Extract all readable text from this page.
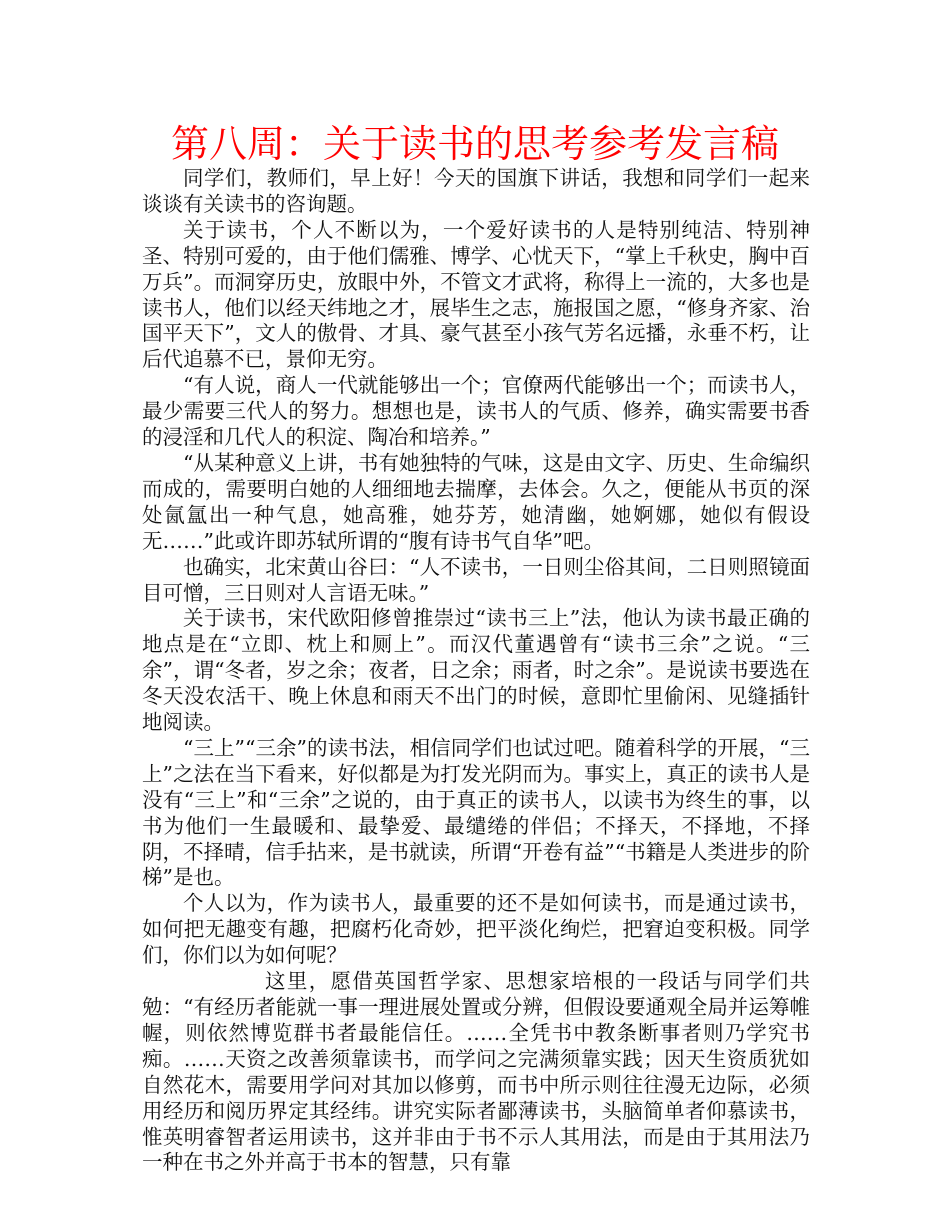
第八周：关于读书的思考参考发言稿

同学们，教师们，早上好！今天的国旗下讲话，我想和同学们一起来谈谈有关读书的咨询题。

关于读书，个人不断以为，一个爱好读书的人是特别纯洁、特别神圣、特别可爱的，由于他们儒雅、博学、心忧天下，“掌上千秋史，胸中百万兵”。而洞穿历史，放眼中外，不管文才武将，称得上一流的，大多也是读书人，他们以经天纬地之才，展毕生之志，施报国之愿，“修身齐家、治国平天下”，文人的傲骨、才具、豪气甚至小孩气芳名远播，永垂不朽，让后代追慕不已，景仰无穷。

“有人说，商人一代就能够出一个；官僚两代能够出一个；而读书人，最少需要三代人的努力。想想也是，读书人的气质、修养，确实需要书香的浸淫和几代人的积淀、陶冶和培养。”

“从某种意义上讲，书有她独特的气味，这是由文字、历史、生命编织而成的，需要明白她的人细细地去揣摩，去体会。久之，便能从书页的深处氤氲出一种气息，她高雅，她芬芳，她清幽，她婀娜，她似有假设无……”此或许即苏轼所谓的“腹有诗书气自华”吧。

也确实，北宋黄山谷曰：“人不读书，一日则尘俗其间，二日则照镜面目可憎，三日则对人言语无味。”

关于读书，宋代欧阳修曾推崇过“读书三上”法，他认为读书最正确的地点是在“立即、枕上和厕上”。而汉代董遇曾有“读书三余”之说。“三余”，谓“冬者，岁之余；夜者，日之余；雨者，时之余”。是说读书要选在冬天没农活干、晚上休息和雨天不出门的时候，意即忙里偷闲、见缝插针地阅读。

“三上”“三余”的读书法，相信同学们也试过吧。随着科学的开展，“三上”之法在当下看来，好似都是为打发光阴而为。事实上，真正的读书人是没有“三上”和“三余”之说的，由于真正的读书人，以读书为终生的事，以书为他们一生最暖和、最挚爱、最缱绻的伴侣；不择天，不择地，不择阴，不择晴，信手拈来，是书就读，所谓“开卷有益”“书籍是人类进步的阶梯”是也。

个人以为，作为读书人，最重要的还不是如何读书，而是通过读书，如何把无趣变有趣，把腐朽化奇妙，把平淡化绚烂，把窘迫变积极。同学们，你们以为如何呢？

这里，愿借英国哲学家、思想家培根的一段话与同学们共勉：“有经历者能就一事一理进展处置或分辨，但假设要通观全局并运筹帷幄，则依然博览群书者最能信任。……全凭书中教条断事者则乃学究书痴。……天资之改善须靠读书，而学问之完满须靠实践；因天生资质犹如自然花木，需要用学问对其加以修剪，而书中所示则往往漫无边际，必须用经历和阅历界定其经纬。讲究实际者鄙薄读书，头脑简单者仰慕读书，惟英明睿智者运用读书，这并非由于书不示人其用法，而是由于其用法乃一种在书之外并高于书本的智慧，只有靠
